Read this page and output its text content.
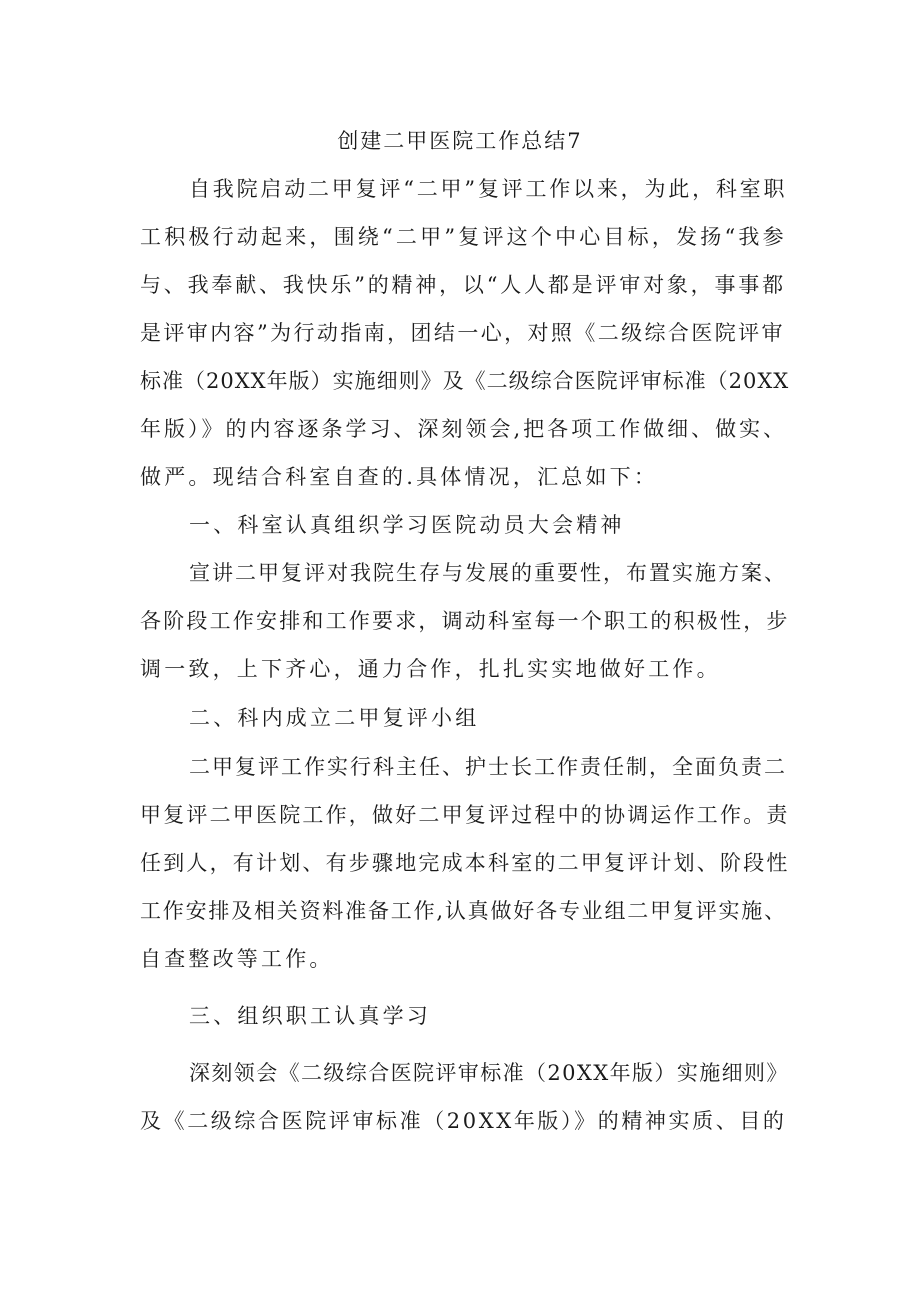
创建二甲医院工作总结7
自我院启动二甲复评“二甲”复评工作以来，为此，科室职
工积极行动起来，围绕“二甲”复评这个中心目标，发扬“我参
与、我奉献、我快乐”的精神，以“人人都是评审对象，事事都
是评审内容”为行动指南，团结一心，对照《二级综合医院评审
标准（20XX年版）实施细则》及《二级综合医院评审标准（20XX
年版）》的内容逐条学习、深刻领会,把各项工作做细、做实、
做严。现结合科室自查的.具体情况，汇总如下：
一、科室认真组织学习医院动员大会精神
宣讲二甲复评对我院生存与发展的重要性，布置实施方案、
各阶段工作安排和工作要求，调动科室每一个职工的积极性，步
调一致，上下齐心，通力合作，扎扎实实地做好工作。
二、科内成立二甲复评小组
二甲复评工作实行科主任、护士长工作责任制，全面负责二
甲复评二甲医院工作，做好二甲复评过程中的协调运作工作。责
任到人，有计划、有步骤地完成本科室的二甲复评计划、阶段性
工作安排及相关资料准备工作,认真做好各专业组二甲复评实施、
自查整改等工作。
三、组织职工认真学习
深刻领会《二级综合医院评审标准（20XX年版）实施细则》
及《二级综合医院评审标准（20XX年版）》的精神实质、目的
